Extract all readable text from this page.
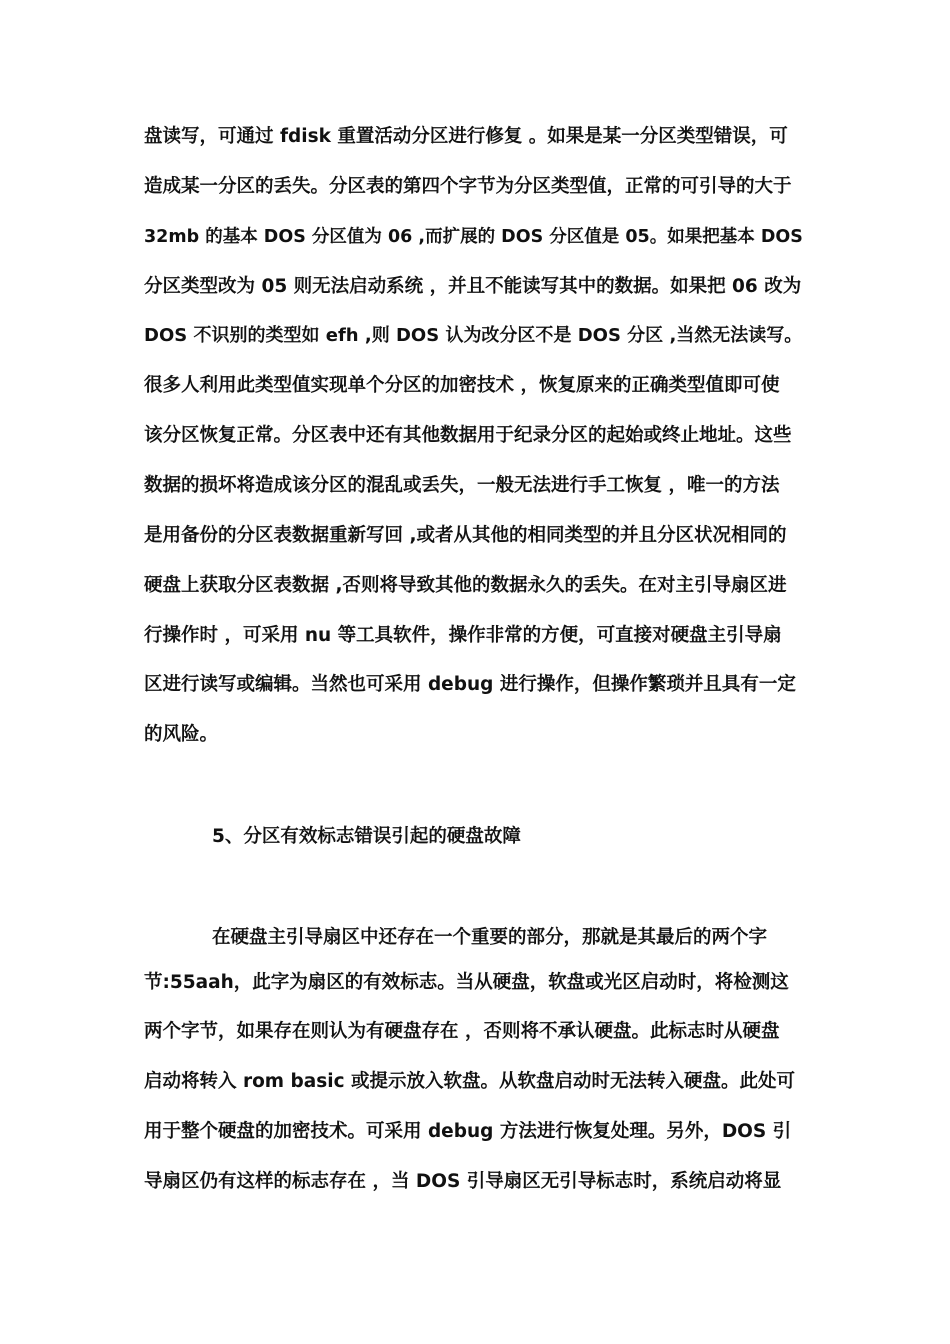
盘读写，可通过 fdisk 重置活动分区进行修复 。如果是某一分区类型错误，可
造成某一分区的丢失。分区表的第四个字节为分区类型值，正常的可引导的大于
32mb 的基本 DOS 分区值为 06 ,而扩展的 DOS 分区值是 05。如果把基本 DOS
分区类型改为 05 则无法启动系统 ，并且不能读写其中的数据。如果把 06 改为
DOS 不识别的类型如 efh ,则 DOS 认为改分区不是 DOS 分区 ,当然无法读写。
很多人利用此类型值实现单个分区的加密技术 ，恢复原来的正确类型值即可使
该分区恢复正常。分区表中还有其他数据用于纪录分区的起始或终止地址。这些
数据的损坏将造成该分区的混乱或丢失，一般无法进行手工恢复 ，唯一的方法
是用备份的分区表数据重新写回 ,或者从其他的相同类型的并且分区状况相同的
硬盘上获取分区表数据 ,否则将导致其他的数据永久的丢失。在对主引导扇区进
行操作时 ，可采用 nu 等工具软件，操作非常的方便，可直接对硬盘主引导扇
区进行读写或编辑。当然也可采用 debug 进行操作，但操作繁琐并且具有一定
的风险。
5、分区有效标志错误引起的硬盘故障
在硬盘主引导扇区中还存在一个重要的部分，那就是其最后的两个字
节:55aah，此字为扇区的有效标志。当从硬盘，软盘或光区启动时，将检测这
两个字节，如果存在则认为有硬盘存在 ，否则将不承认硬盘。此标志时从硬盘
启动将转入 rom basic 或提示放入软盘。从软盘启动时无法转入硬盘。此处可
用于整个硬盘的加密技术。可采用 debug 方法进行恢复处理。另外，DOS 引
导扇区仍有这样的标志存在 ，当 DOS 引导扇区无引导标志时，系统启动将显
